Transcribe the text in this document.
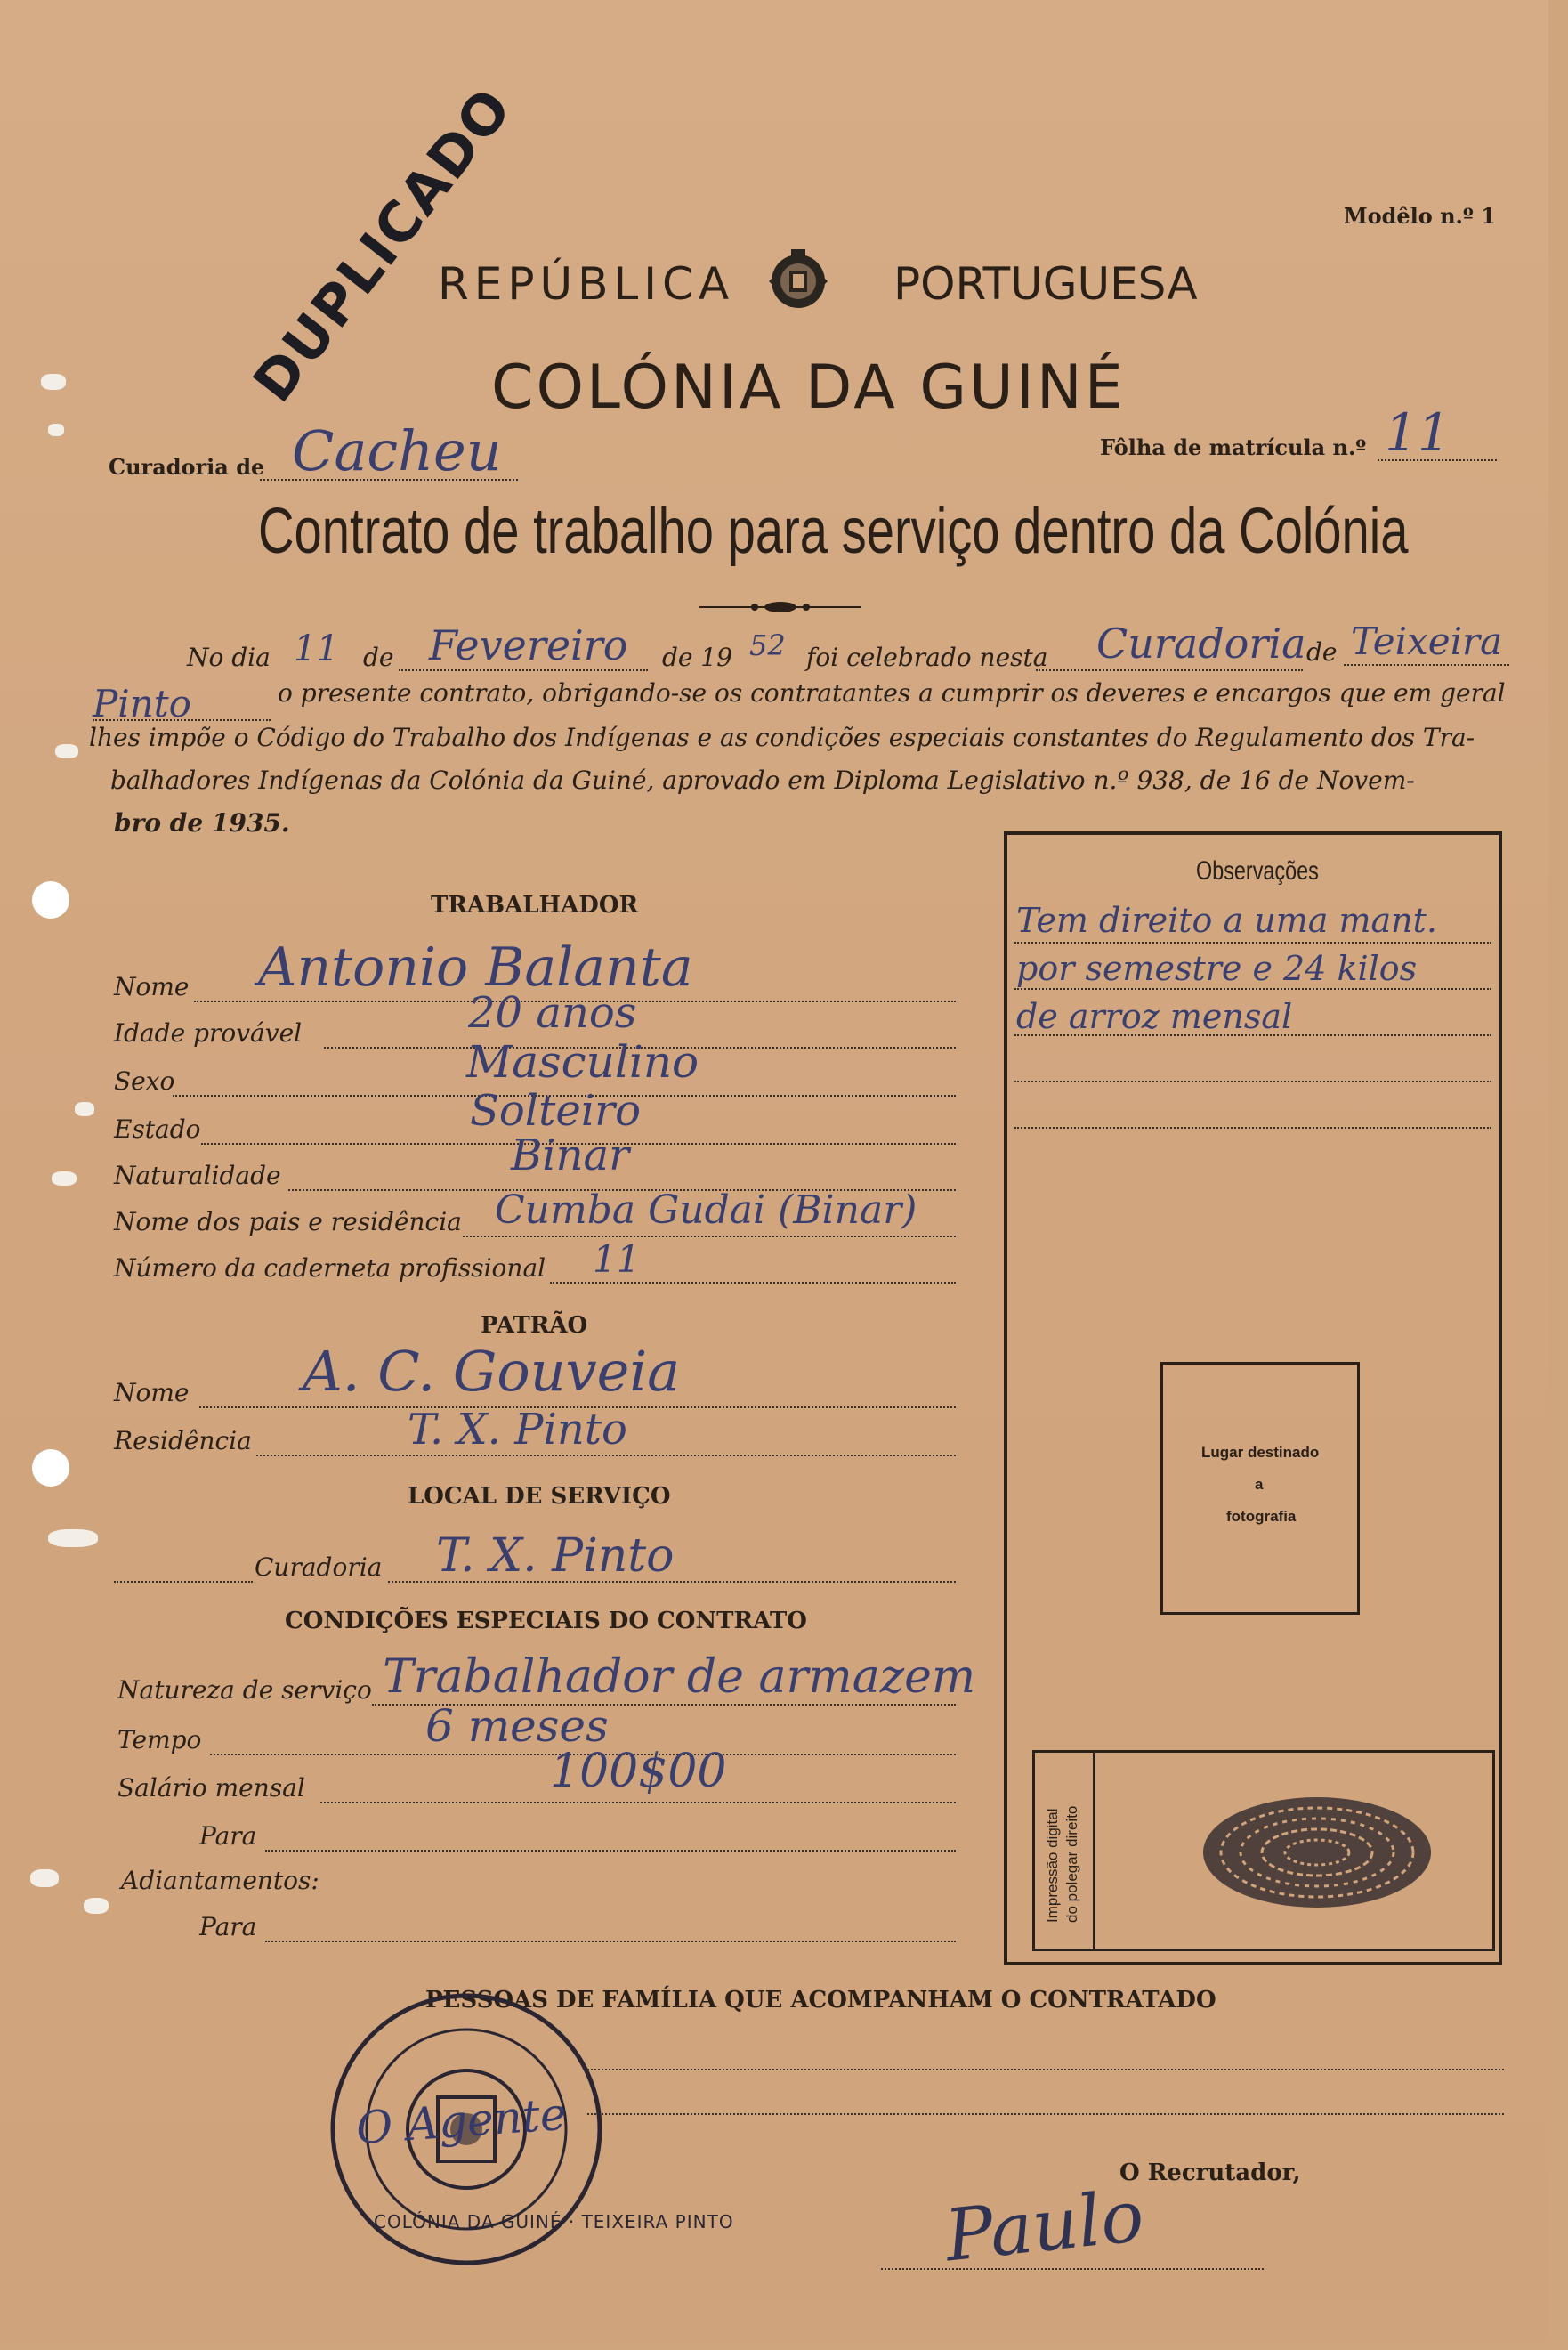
DUPLICADO	Modêlo n.º 1
REPÚBLICA	PORTUGUESA
COLÓNIA DA GUINÉ
Curadoria de Cacheu	Fôlha de matrícula n.º 11
Contrato de trabalho para serviço dentro da Colónia
No dia 11 de Fevereiro de 19 52 foi celebrado nesta Curadoria de Teixeira
Pinto	o presente contrato, obrigando-se os contratantes a cumprir os deveres e encargos que em geral
lhes impõe o Código do Trabalho dos Indígenas e as condições especiais constantes do Regulamento dos Tra-
balhadores Indígenas da Colónia da Guiné, aprovado em Diploma Legislativo n.º 938, de 16 de Novem-
bro de 1935.
Observações
Tem direito a uma mant.
por semestre e 24 kilos
de arroz mensal
Lugar destinado
a
fotografia
Impressão digital do polegar direito
TRABALHADOR
Nome Antonio Balanta
Idade provável	20 anos
Sexo	Masculino
Estado	Solteiro
Naturalidade	Binar
Nome dos pais e residência Cumba Gudai (Binar)
Número da caderneta profissional 11
PATRÃO
Nome A. C. Gouveia
Residência	T. X. Pinto
LOCAL DE SERVIÇO
Curadoria T. X. Pinto
CONDIÇÕES ESPECIAIS DO CONTRATO
Natureza de serviço Trabalhador de armazem
Tempo	6 meses
Salário mensal	100$00
Para
Adiantamentos:
Para
PESSOAS DE FAMÍLIA QUE ACOMPANHAM O CONTRATADO
COLÓNIA DA GUINÉ · TEIXEIRA PINTO
O Agente
O Recrutador,
Paulo
